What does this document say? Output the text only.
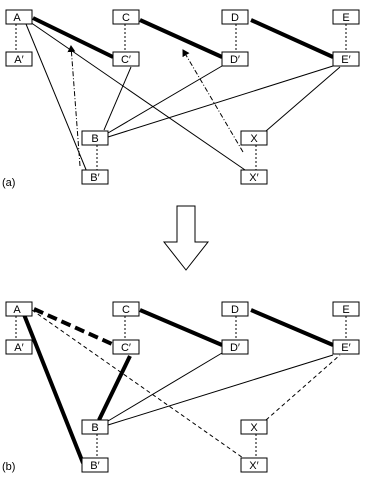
A
A′
C
C′
D
D′
E
E′
B
B′
X
X′
(a)
A
A′
C
C′
D
D′
E
E′
B
B′
X
X′
(b)
